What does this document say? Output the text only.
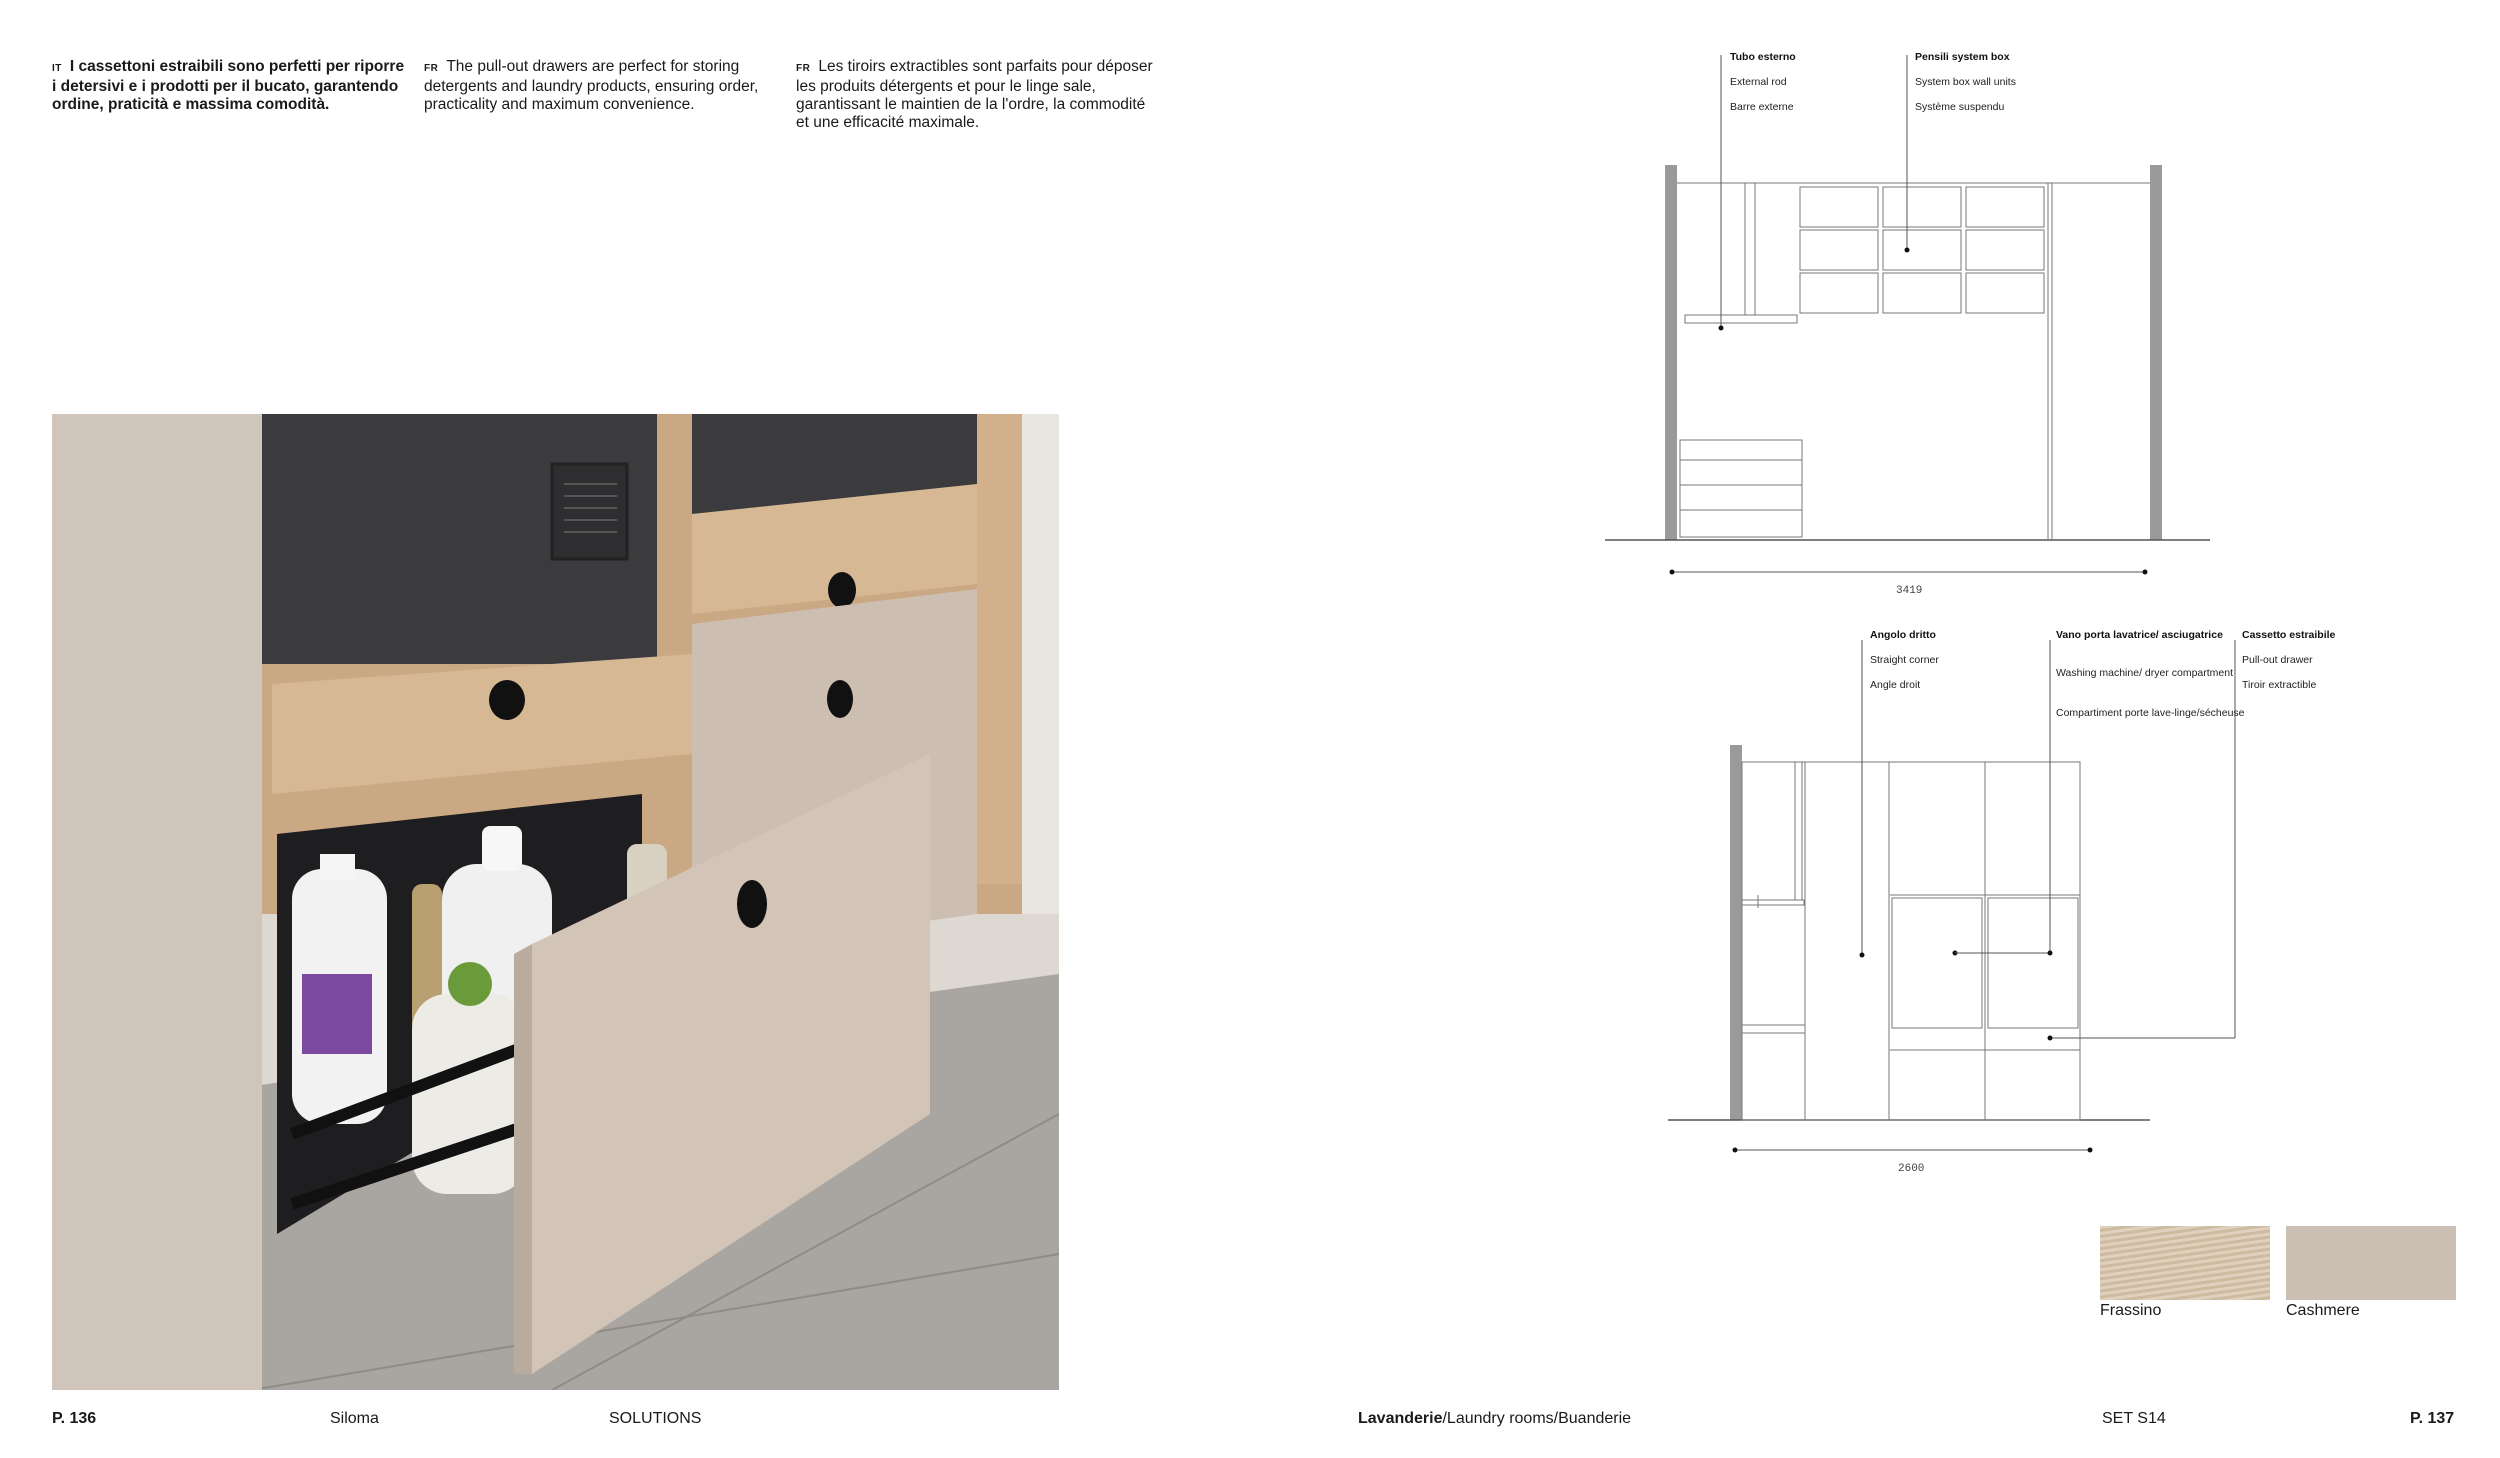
IT I cassettoni estraibili sono perfetti per riporre i detersivi e i prodotti per il bucato, garantendo ordine, praticità e massima comodità.
FR The pull-out drawers are perfect for storing detergents and laundry products, ensuring order, practicality and maximum convenience.
FR Les tiroirs extractibles sont parfaits pour déposer les produits détergents et pour le linge sale, garantissant le maintien de la l'ordre, la commodité et une efficacité maximale.
3419
Tubo esterno
External rod
Barre externe
Pensili system box
System box wall units
Système suspendu
2600
Angolo dritto
Straight corner
Angle droit
Vano porta lavatrice/ asciugatrice
Washing machine/ dryer compartment
Compartiment porte lave-linge/sécheuse
Cassetto estraibile
Pull-out drawer
Tiroir extractible
Frassino	Cashmere
P. 136	Siloma	SOLUTIONS	Lavanderie/Laundry rooms/Buanderie	SET S14	P. 137
